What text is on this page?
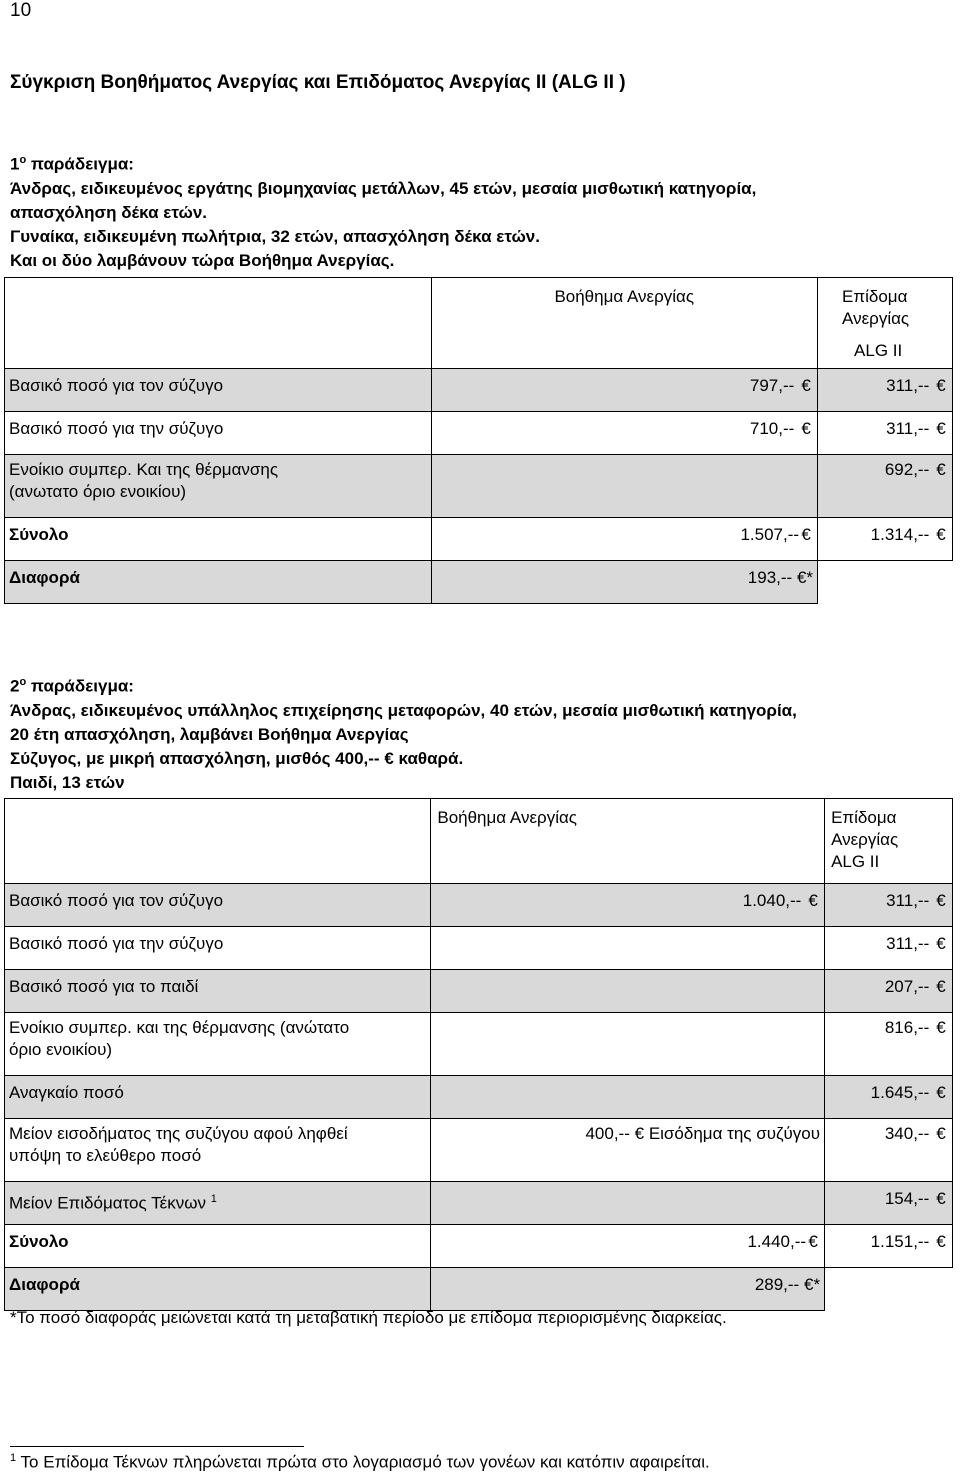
10
Σύγκριση Βοηθήματος Ανεργίας και Επιδόματος Ανεργίας ΙΙ (ALG II )
$1^o$ παράδειγμα:
Άνδρας, ειδικευμένος εργάτης βιομηχανίας μετάλλων, 45 ετών, μεσαία μισθωτική κατηγορία,
απασχόληση δέκα ετών.
Γυναίκα, ειδικευμένη πωλήτρια, 32 ετών, απασχόληση δέκα ετών.
Και οι δύο λαμβάνουν τώρα Βοήθημα Ανεργίας.
	Βοήθημα Ανεργίας	Επίδομα
Ανεργίας
ALG II

Βασικό ποσό για τον σύζυγο	797,-- €	311,-- €
Βασικό ποσό για την σύζυγο	710,-- €	311,-- €

Ενοίκιο συμπερ. Και της θέρμανσης
(ανωτατο όριο ενοικίου)		692,-- €
Σύνολο	1.507,-- €	1.314,-- €
Διαφορά	193,-- €*	
$2^o$ παράδειγμα:
Άνδρας, ειδικευμένος υπάλληλος επιχείρησης μεταφορών, 40 ετών, μεσαία μισθωτική κατηγορία,
20 έτη απασχόληση, λαμβάνει Βοήθημα Ανεργίας
Σύζυγος, με μικρή απασχόληση, μισθός 400,-- € καθαρά.
Παιδί, 13 ετών
	Βοήθημα Ανεργίας	Επίδομα
Ανεργίας
ALG II

Βασικό ποσό για τον σύζυγο	1.040,-- €	311,-- €
Βασικό ποσό για την σύζυγο		311,-- €
Βασικό ποσό για το παιδί		207,-- €

Ενοίκιο συμπερ. και της θέρμανσης (ανώτατο
όριο ενοικίου)		816,-- €
Αναγκαίο ποσό		1.645,-- €

Μείον εισοδήματος της συζύγου αφού ληφθεί
υπόψη το ελεύθερο ποσό	400,-- € Εισόδημα της συζύγου	340,-- €
Μείον Επιδόματος Τέκνων $^1$		154,-- €
Σύνολο	1.440,-- €	1.151,-- €
Διαφορά	289,-- €*	
*Το ποσό διαφοράς μειώνεται κατά τη μεταβατική περίοδο με επίδομα περιορισμένης διαρκείας.
$^1$ Το Επίδομα Τέκνων πληρώνεται πρώτα στο λογαριασμό των γονέων και κατόπιν αφαιρείται.
